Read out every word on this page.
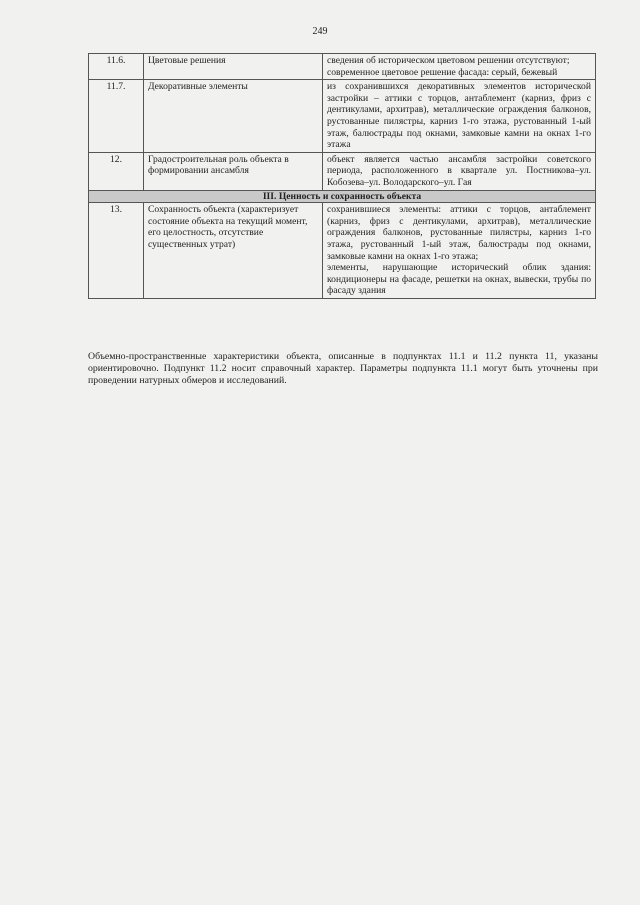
249
11.6.	Цветовые решения	сведения об историческом цветовом решении отсутствуют;
современное цветовое решение фасада: серый, бежевый

11.7.	Декоративные элементы	из сохранившихся декоративных элементов исторической застройки – аттики с торцов, антаблемент (карниз, фриз с дентикулами, архитрав), металлические ограждения балконов, рустованные пилястры, карниз 1-го этажа, рустованный 1-ый этаж, балюстрады под окнами, замковые камни на окнах 1-го этажа

12.	Градостроительная роль объекта в формировании ансамбля	объект является частью ансамбля застройки советского периода, расположенного в квартале ул. Постникова–ул. Кобозева–ул. Володарского–ул. Гая

III. Ценность и сохранность объекта		
13.	Сохранность объекта (характеризует состояние объекта на текущий момент, его целостность, отсутствие существенных утрат)	сохранившиеся элементы: аттики с торцов, антаблемент (карниз, фриз с дентикулами, архитрав), металлические ограждения балконов, рустованные пилястры, карниз 1-го этажа, рустованный 1-ый этаж, балюстрады под окнами, замковые камни на окнах 1-го этажа;
элементы, нарушающие исторический облик здания: кондиционеры на фасаде, решетки на окнах, вывески, трубы по фасаду здания
Объемно-пространственные характеристики объекта, описанные в подпунктах 11.1 и 11.2 пункта 11, указаны ориентировочно. Подпункт 11.2 носит справочный характер. Параметры подпункта 11.1 могут быть уточнены при проведении натурных обмеров и исследований.
